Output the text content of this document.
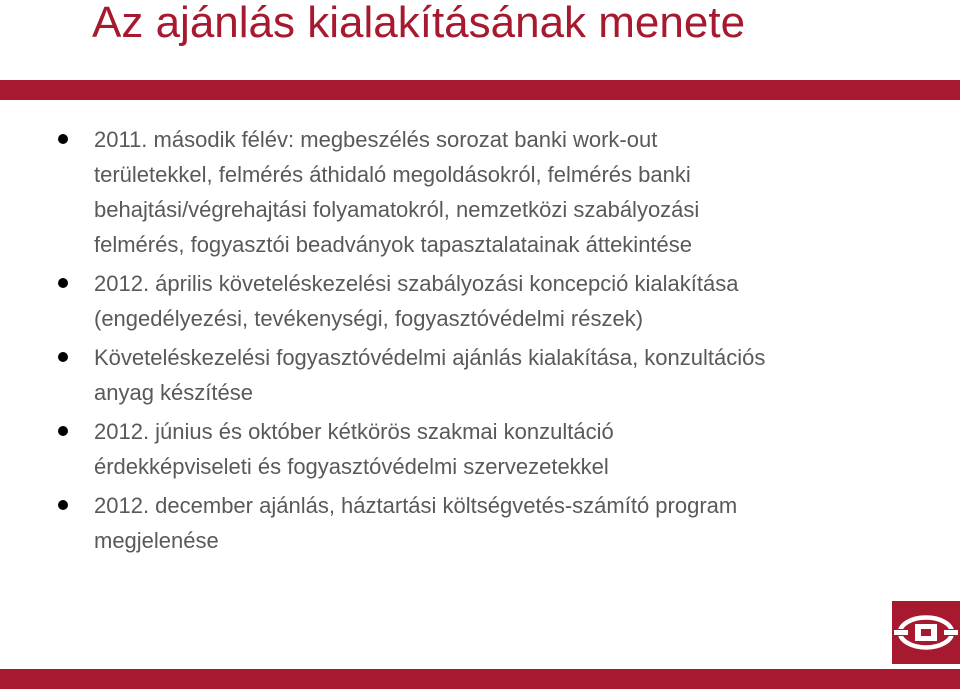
Az ajánlás kialakításának menete
2011. második félév: megbeszélés sorozat banki work-out
területekkel, felmérés áthidaló megoldásokról, felmérés banki
behajtási/végrehajtási folyamatokról, nemzetközi szabályozási
felmérés, fogyasztói beadványok tapasztalatainak áttekintése
2012. április követeléskezelési szabályozási koncepció kialakítása
(engedélyezési, tevékenységi, fogyasztóvédelmi részek)
Követeléskezelési fogyasztóvédelmi ajánlás kialakítása, konzultációs
anyag készítése
2012. június és október kétkörös szakmai konzultáció
érdekképviseleti és fogyasztóvédelmi szervezetekkel
2012. december ajánlás, háztartási költségvetés-számító program
megjelenése
